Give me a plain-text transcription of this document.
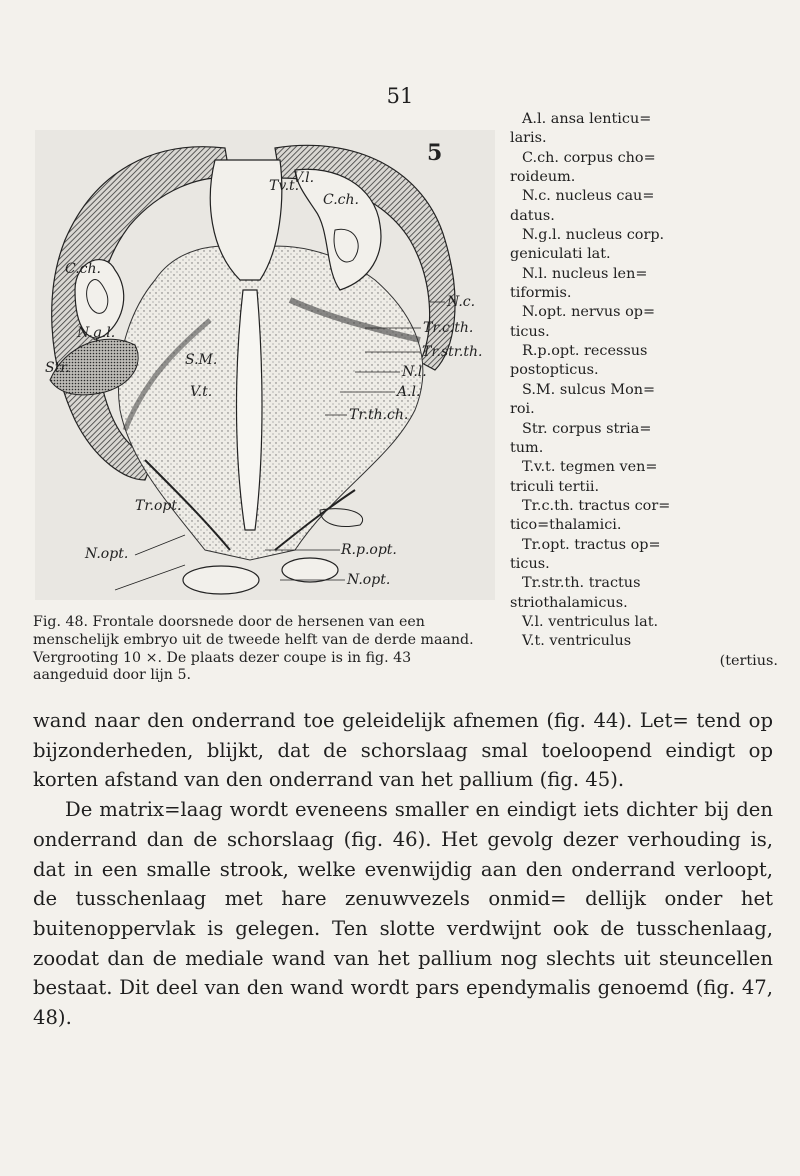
51
5
V.l.
Tv.t.
C.ch.
C.ch.
N.g.l.
Str.
N.c.
Tr.c.th.
Tr.str.th.
N.l.
A.l.
Tr.th.ch.
S.M.
V.t.
Tr.opt.
N.opt.	R.p.opt.
N.opt.
Fig. 48. Frontale doorsnede door de hersenen van een
menschelijk embryo uit de tweede helft van de derde maand.
Vergrooting 10 ×. De plaats dezer coupe is in fig. 43
aangeduid door lijn 5.
A.l. ansa lenticu=
laris.
C.ch. corpus cho=
roideum.
N.c. nucleus cau=
datus.
N.g.l. nucleus corp.
geniculati lat.
N.l. nucleus len=
tiformis.
N.opt. nervus op=
ticus.
R.p.opt. recessus
postopticus.
S.M. sulcus Mon=
roi.
Str. corpus stria=
tum.
T.v.t. tegmen ven=
triculi tertii.
Tr.c.th. tractus cor=
tico=thalamici.
Tr.opt. tractus op=
ticus.
Tr.str.th. tractus
striothalamicus.
V.l. ventriculus lat.
V.t. ventriculus
(tertius.

wand naar den onderrand toe geleidelijk afnemen (fig. 44). Let= tend op bijzonderheden, blijkt, dat de schorslaag smal toeloopend eindigt op korten afstand van den onderrand van het pallium (fig. 45).

De matrix=laag wordt eveneens smaller en eindigt iets dichter bij den onderrand dan de schorslaag (fig. 46). Het gevolg dezer verhouding is, dat in een smalle strook, welke evenwijdig aan den onderrand verloopt, de tusschenlaag met hare zenuwvezels onmid= dellijk onder het buitenoppervlak is gelegen. Ten slotte verdwijnt ook de tusschenlaag, zoodat dan de mediale wand van het pallium nog slechts uit steuncellen bestaat. Dit deel van den wand wordt pars ependymalis genoemd (fig. 47, 48).
